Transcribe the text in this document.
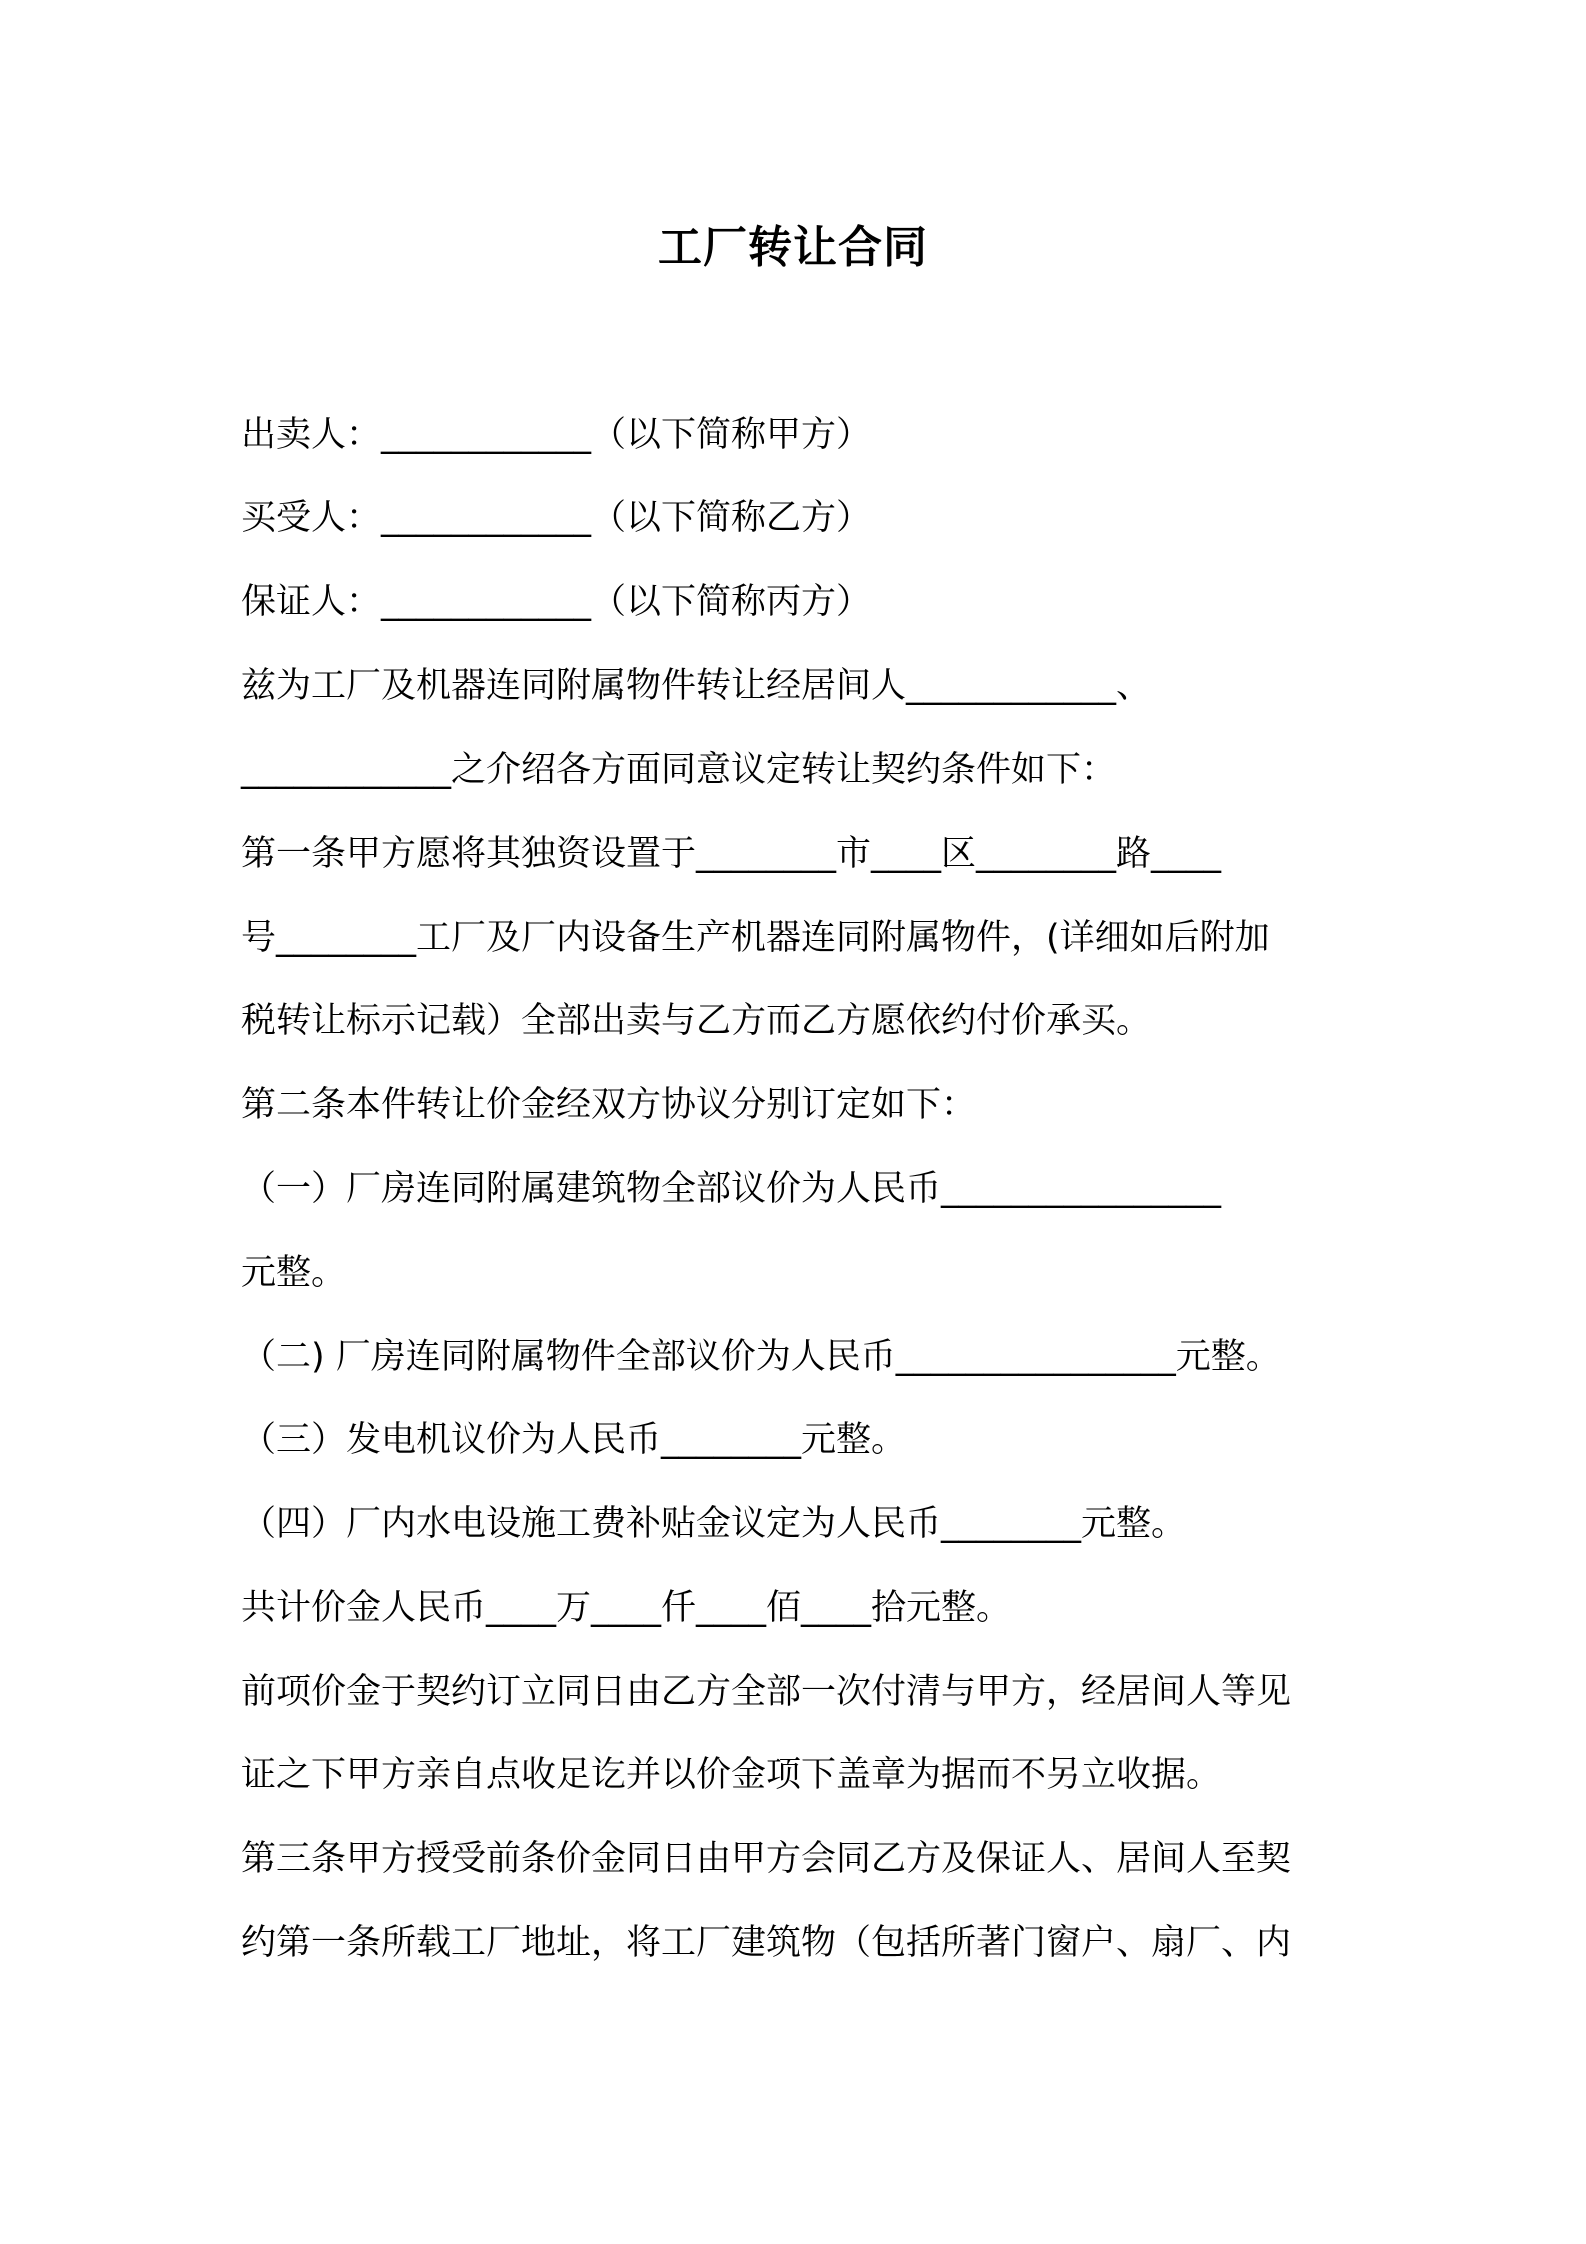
工厂转让合同
出卖人：____________（以下简称甲方）
买受人：____________（以下简称乙方）
保证人：____________（以下简称丙方）
兹为工厂及机器连同附属物件转让经居间人____________、
____________之介绍各方面同意议定转让契约条件如下：
第一条甲方愿将其独资设置于________市____区________路____
号________工厂及厂内设备生产机器连同附属物件，(详细如后附加
税转让标示记载）全部出卖与乙方而乙方愿依约付价承买。
第二条本件转让价金经双方协议分别订定如下：
（一）厂房连同附属建筑物全部议价为人民币________________
元整。
（二) 厂房连同附属物件全部议价为人民币________________元整。
（三）发电机议价为人民币________元整。
（四）厂内水电设施工费补贴金议定为人民币________元整。
共计价金人民币____万____仟____佰____拾元整。
前项价金于契约订立同日由乙方全部一次付清与甲方，经居间人等见
证之下甲方亲自点收足讫并以价金项下盖章为据而不另立收据。
第三条甲方授受前条价金同日由甲方会同乙方及保证人、居间人至契
约第一条所载工厂地址，将工厂建筑物（包括所著门窗户、扇厂、内
